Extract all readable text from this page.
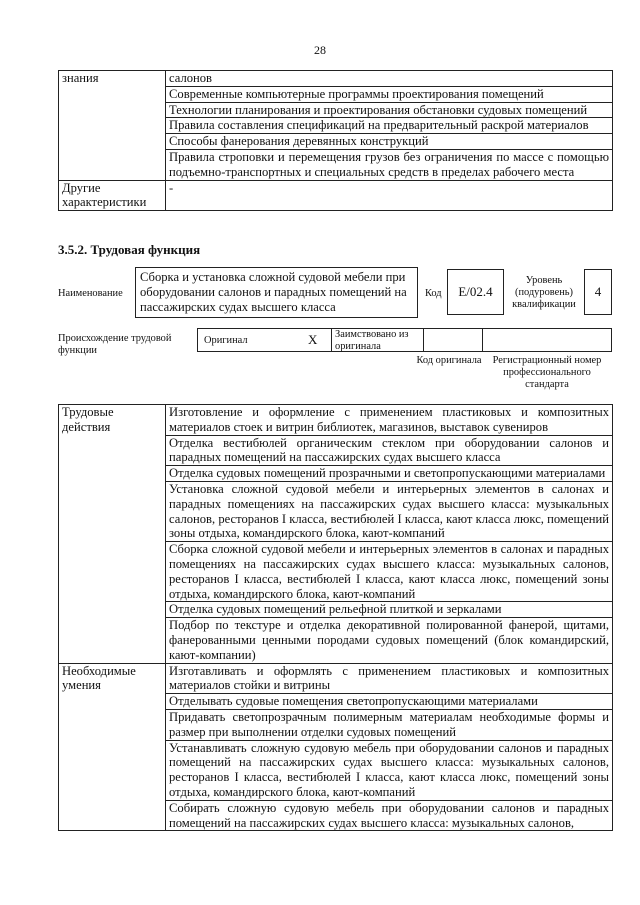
28
знания	салонов
	Современные компьютерные программы проектирования помещений
	Технологии планирования и проектирования обстановки судовых помещений
	Правила составления спецификаций на предварительный раскрой материалов
	Способы фанерования деревянных конструкций
	Правила строповки и перемещения грузов без ограничения по массе с помощью подъемно-транспортных и специальных средств в пределах рабочего места
Другие характеристики	-
3.5.2. Трудовая функция
Наименование
Сборка и установка сложной судовой мебели при оборудовании салонов и парадных помещений на пассажирских судах высшего класса
Код	E/02.4
Уровень (подуровень) квалификации
4
Происхождение трудовой функции
Оригинал	X	Заимствовано из оригинала
Код оригинала	Регистрационный номер профессионального стандарта
Трудовые действия	Изготовление и оформление с применением пластиковых и композитных материалов стоек и витрин библиотек, магазинов, выставок сувениров
	Отделка вестибюлей органическим стеклом при оборудовании салонов и парадных помещений на пассажирских судах высшего класса
	Отделка судовых помещений прозрачными и светопропускающими материалами
	Установка сложной судовой мебели и интерьерных элементов в салонах и парадных помещениях на пассажирских судах высшего класса: музыкальных салонов, ресторанов I класса, вестибюлей I класса, кают класса люкс, помещений зоны отдыха, командирского блока, кают-компаний
	Сборка сложной судовой мебели и интерьерных элементов в салонах и парадных помещениях на пассажирских судах высшего класса: музыкальных салонов, ресторанов I класса, вестибюлей I класса, кают класса люкс, помещений зоны отдыха, командирского блока, кают-компаний
	Отделка судовых помещений рельефной плиткой и зеркалами
	Подбор по текстуре и отделка декоративной полированной фанерой, щитами, фанерованными ценными породами судовых помещений (блок командирский, кают-компании)
Необходимые умения	Изготавливать и оформлять с применением пластиковых и композитных материалов стойки и витрины
	Отделывать судовые помещения светопропускающими материалами
	Придавать светопрозрачным полимерным материалам необходимые формы и размер при выполнении отделки судовых помещений
	Устанавливать сложную судовую мебель при оборудовании салонов и парадных помещений на пассажирских судах высшего класса: музыкальных салонов, ресторанов I класса, вестибюлей I класса, кают класса люкс, помещений зоны отдыха, командирского блока, кают-компаний
	Собирать сложную судовую мебель при оборудовании салонов и парадных помещений на пассажирских судах высшего класса: музыкальных салонов,
